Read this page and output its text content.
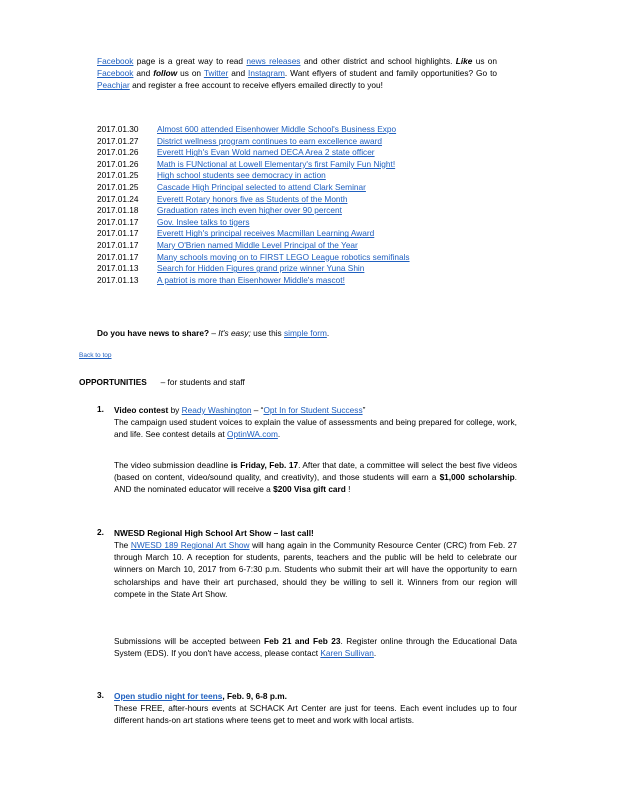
Facebook page is a great way to read news releases and other district and school highlights. Like us on Facebook and follow us on Twitter and Instagram. Want eflyers of student and family opportunities? Go to Peachjar and register a free account to receive eflyers emailed directly to you!
2017.01.30 Almost 600 attended Eisenhower Middle School's Business Expo
2017.01.27 District wellness program continues to earn excellence award
2017.01.26 Everett High's Evan Wold named DECA Area 2 state officer
2017.01.26 Math is FUNctional at Lowell Elementary's first Family Fun Night!
2017.01.25 High school students see democracy in action
2017.01.25 Cascade High Principal selected to attend Clark Seminar
2017.01.24 Everett Rotary honors five as Students of the Month
2017.01.18 Graduation rates inch even higher over 90 percent
2017.01.17 Gov. Inslee talks to tigers
2017.01.17 Everett High's principal receives Macmillan Learning Award
2017.01.17 Mary O'Brien named Middle Level Principal of the Year
2017.01.17 Many schools moving on to FIRST LEGO League robotics semifinals
2017.01.13 Search for Hidden Figures grand prize winner Yuna Shin
2017.01.13 A patriot is more than Eisenhower Middle's mascot!
Do you have news to share? – It's easy; use this simple form.
Back to top
OPPORTUNITIES – for students and staff
1. Video contest by Ready Washington – “Opt In for Student Success”
The campaign used student voices to explain the value of assessments and being prepared for college, work, and life. See contest details at OptinWA.com.
The video submission deadline is Friday, Feb. 17. After that date, a committee will select the best five videos (based on content, video/sound quality, and creativity), and those students will earn a $1,000 scholarship. AND the nominated educator will receive a $200 Visa gift card !
2. NWESD Regional High School Art Show – last call!
The NWESD 189 Regional Art Show will hang again in the Community Resource Center (CRC) from Feb. 27 through March 10. A reception for students, parents, teachers and the public will be held to celebrate our winners on March 10, 2017 from 6-7:30 p.m. Students who submit their art will have the opportunity to earn scholarships and have their art purchased, should they be willing to sell it. Winners from our region will compete in the State Art Show.
Submissions will be accepted between Feb 21 and Feb 23. Register online through the Educational Data System (EDS). If you don't have access, please contact Karen Sullivan.
3. Open studio night for teens, Feb. 9, 6-8 p.m.
These FREE, after-hours events at SCHACK Art Center are just for teens. Each event includes up to four different hands-on art stations where teens get to meet and work with local artists.
